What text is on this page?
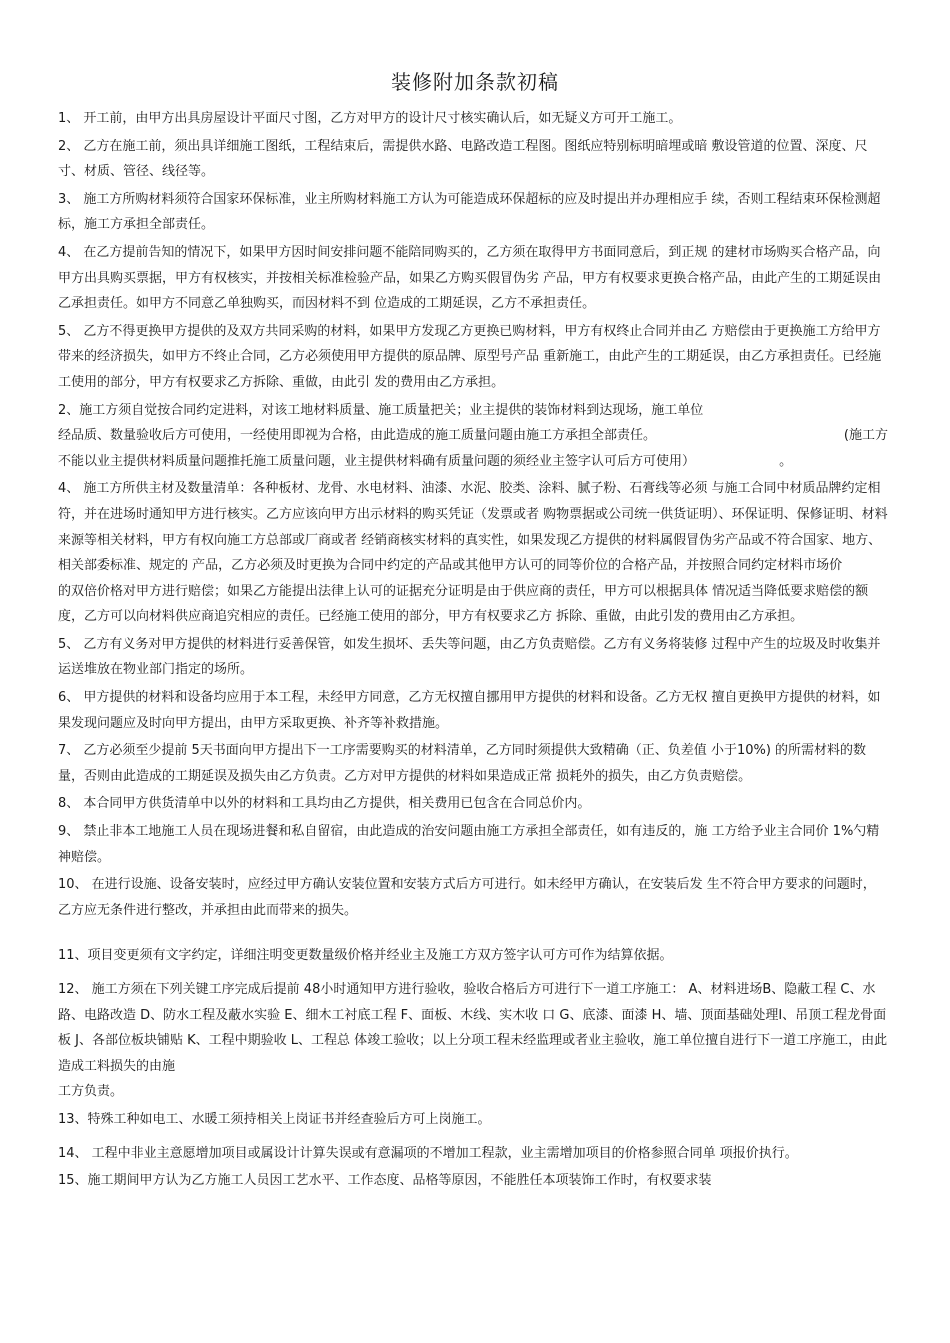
装修附加条款初稿

1、 开工前，由甲方出具房屋设计平面尺寸图，乙方对甲方的设计尺寸核实确认后，如无疑义方可开工施工。

2、 乙方在施工前，须出具详细施工图纸，工程结束后，需提供水路、电路改造工程图。图纸应特别标明暗埋或暗 敷设管道的位置、深度、尺寸、材质、管径、线径等。

3、 施工方所购材料须符合国家环保标准，业主所购材料施工方认为可能造成环保超标的应及时提出并办理相应手 续，否则工程结束环保检测超标，施工方承担全部责任。

4、 在乙方提前告知的情况下，如果甲方因时间安排问题不能陪同购买的，乙方须在取得甲方书面同意后，到正规 的建材市场购买合格产品，向甲方出具购买票据，甲方有权核实，并按相关标准检验产品，如果乙方购买假冒伪劣 产品，甲方有权要求更换合格产品，由此产生的工期延误由乙承担责任。如甲方不同意乙单独购买，而因材料不到 位造成的工期延误，乙方不承担责任。

5、 乙方不得更换甲方提供的及双方共同采购的材料，如果甲方发现乙方更换已购材料，甲方有权终止合同并由乙 方赔偿由于更换施工方给甲方带来的经济损失，如甲方不终止合同，乙方必须使用甲方提供的原品牌、原型号产品 重新施工，由此产生的工期延误，由乙方承担责任。已经施工使用的部分，甲方有权要求乙方拆除、重做，由此引 发的费用由乙方承担。

2、施工方须自觉按合同约定进料，对该工地材料质量、施工质量把关；业主提供的装饰材料到达现场，施工单位

经品质、数量验收后方可使用，一经使用即视为合格，由此造成的施工质量问题由施工方承担全部责任。	(施工方

不能以业主提供材料质量问题推托施工质量问题，业主提供材料确有质量问题的须经业主签字认可后方可使用）	。

4、 施工方所供主材及数量清单：各种板材、龙骨、水电材料、油漆、水泥、胶类、涂料、腻子粉、石膏线等必须 与施工合同中材质品牌约定相符，并在进场时通知甲方进行核实。乙方应该向甲方出示材料的购买凭证（发票或者 购物票据或公司统一供货证明）、环保证明、保修证明、材料来源等相关材料，甲方有权向施工方总部或厂商或者 经销商核实材料的真实性，如果发现乙方提供的材料属假冒伪劣产品或不符合国家、地方、相关部委标准、规定的 产品，乙方必须及时更换为合同中约定的产品或其他甲方认可的同等价位的合格产品，并按照合同约定材料市场价

的双倍价格对甲方进行赔偿；如果乙方能提出法律上认可的证据充分证明是由于供应商的责任，甲方可以根据具体 情况适当降低要求赔偿的额度，乙方可以向材料供应商追究相应的责任。已经施工使用的部分，甲方有权要求乙方 拆除、重做，由此引发的费用由乙方承担。

5、 乙方有义务对甲方提供的材料进行妥善保管，如发生损坏、丢失等问题，由乙方负责赔偿。乙方有义务将装修 过程中产生的垃圾及时收集并运送堆放在物业部门指定的场所。

6、 甲方提供的材料和设备均应用于本工程，未经甲方同意，乙方无权擅自挪用甲方提供的材料和设备。乙方无权 擅自更换甲方提供的材料，如果发现问题应及时向甲方提出，由甲方采取更换、补齐等补救措施。

7、 乙方必须至少提前 5天书面向甲方提出下一工序需要购买的材料清单，乙方同时须提供大致精确（正、负差值 小于10%) 的所需材料的数量，否则由此造成的工期延误及损失由乙方负责。乙方对甲方提供的材料如果造成正常 损耗外的损失，由乙方负责赔偿。

8、 本合同甲方供货清单中以外的材料和工具均由乙方提供，相关费用已包含在合同总价内。

9、 禁止非本工地施工人员在现场进餐和私自留宿，由此造成的治安问题由施工方承担全部责任，如有违反的，施 工方给予业主合同价 1%勺精神赔偿。

10、 在进行设施、设备安装时，应经过甲方确认安装位置和安装方式后方可进行。如未经甲方确认，在安装后发 生不符合甲方要求的问题时，乙方应无条件进行整改，并承担由此而带来的损失。

11、项目变更须有文字约定，详细注明变更数量级价格并经业主及施工方双方签字认可方可作为结算依据。

12、 施工方须在下列关键工序完成后提前 48小时通知甲方进行验收，验收合格后方可进行下一道工序施工： A、材料进场B、隐蔽工程 C、水路、电路改造 D、防水工程及蔽水实验 E、细木工衬底工程 F、面板、木线、实木收 口 G、底漆、面漆 H、墙、顶面基础处理I、吊顶工程龙骨面板 J、各部位板块铺贴 K、工程中期验收 L、工程总 体竣工验收；以上分项工程未经监理或者业主验收，施工单位擅自进行下一道工序施工，由此造成工料损失的由施

工方负责。

13、特殊工种如电工、水暖工须持相关上岗证书并经查验后方可上岗施工。

14、 工程中非业主意愿增加项目或属设计计算失误或有意漏项的不增加工程款，业主需增加项目的价格参照合同单 项报价执行。

15、施工期间甲方认为乙方施工人员因工艺水平、工作态度、品格等原因，不能胜任本项装饰工作时，有权要求装
